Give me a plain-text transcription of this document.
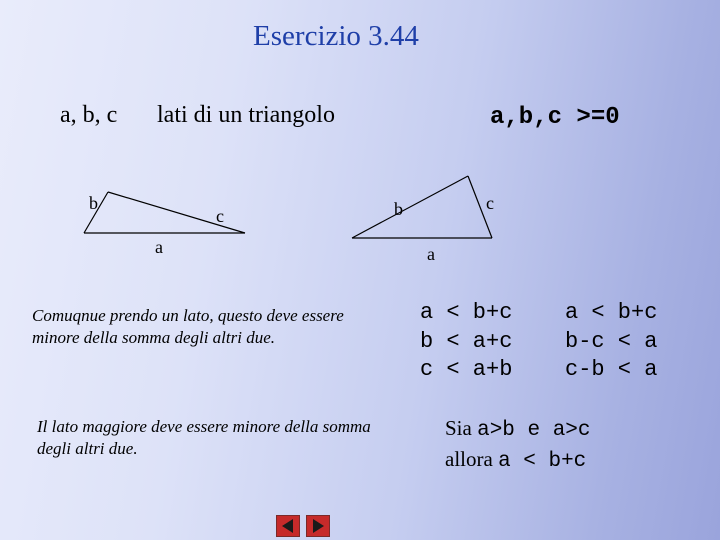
Esercizio 3.44
a, b, c lati di un triangolo	a,b,c >=0
b
c
a
b	c
a
Comuqnue prendo un lato, questo deve essere minore della somma degli altri due.
Il lato maggiore deve essere minore della somma degli altri due.
a < b+c
b < a+c
c < a+b
a < b+c
b-c < a
c-b < a
Sia a>b e a>c
allora a < b+c
